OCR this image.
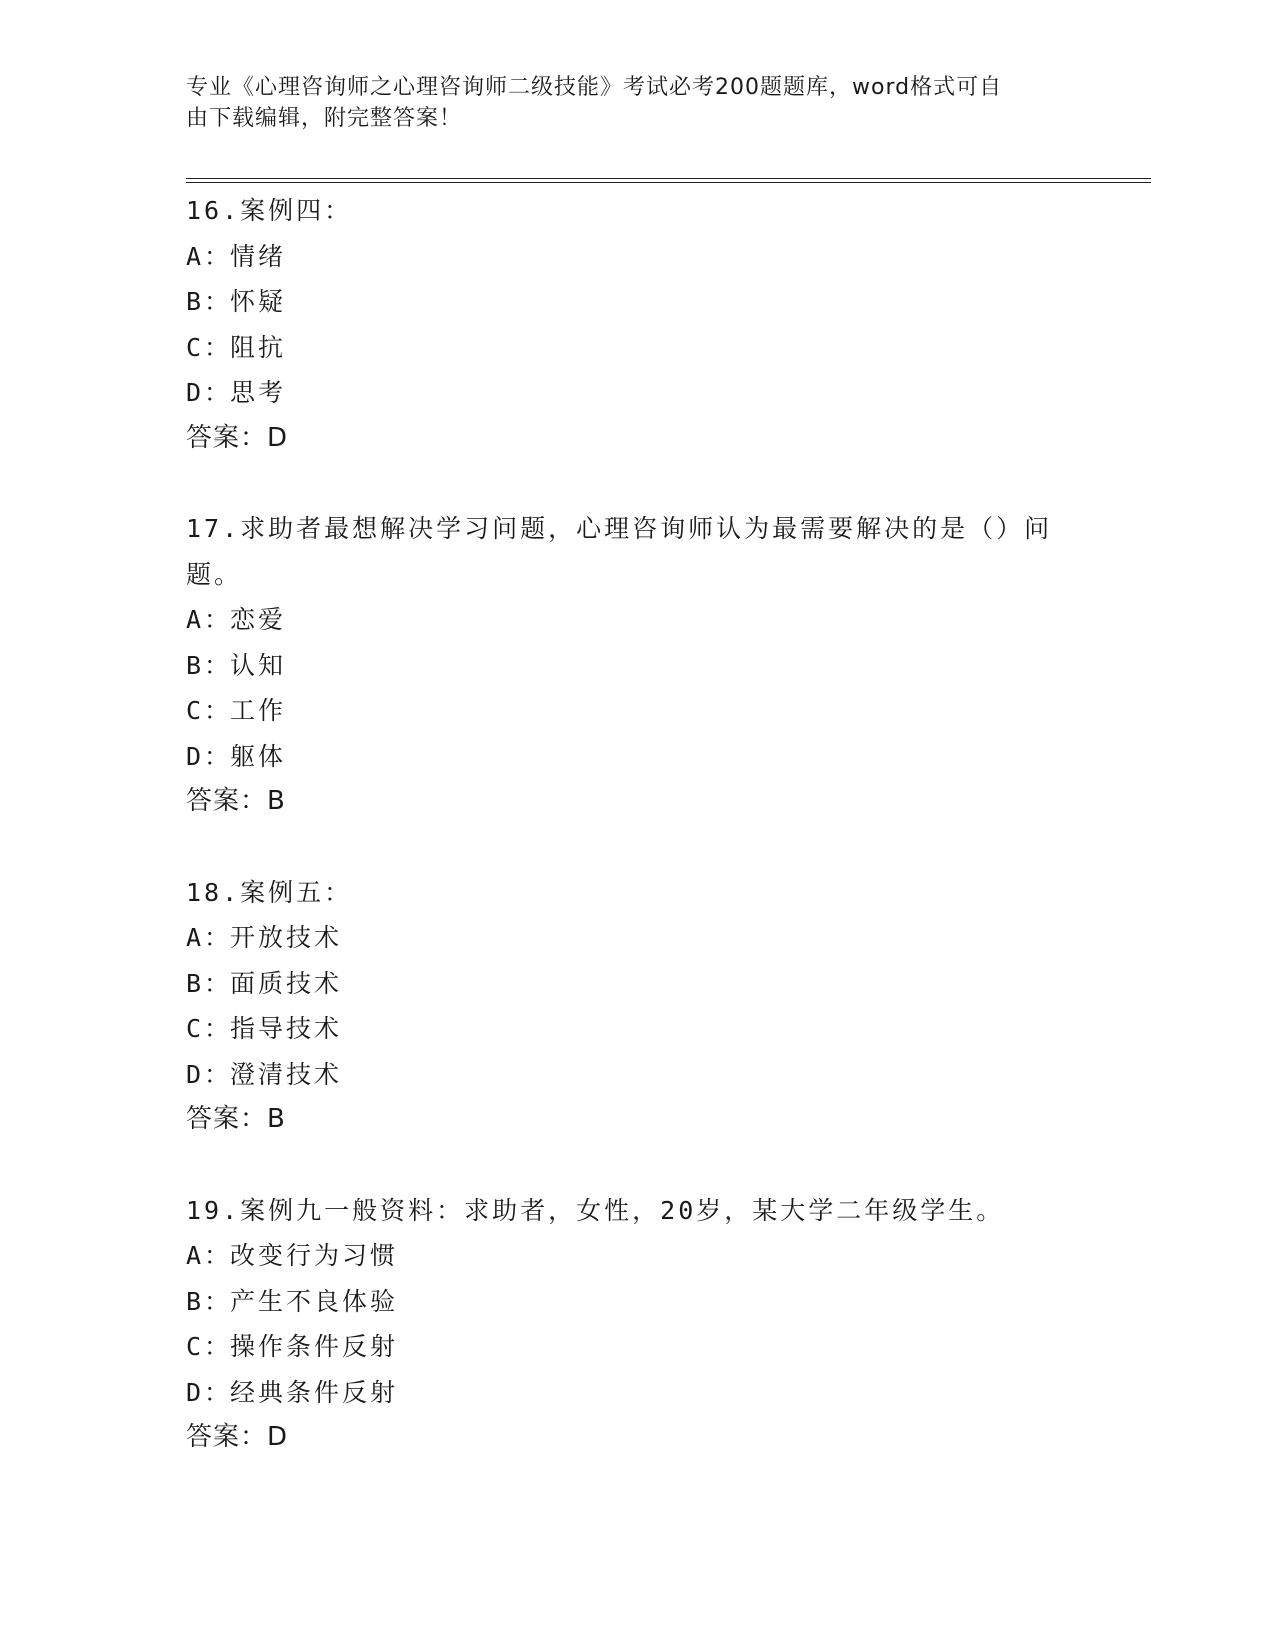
专业《心理咨询师之心理咨询师二级技能》考试必考200题题库，word格式可自
由下载编辑，附完整答案！
16.案例四：
A：情绪
B：怀疑
C：阻抗
D：思考
答案：D
17.求助者最想解决学习问题，心理咨询师认为最需要解决的是（）问题。
A：恋爱
B：认知
C：工作
D：躯体
答案：B
18.案例五：
A：开放技术
B：面质技术
C：指导技术
D：澄清技术
答案：B
19.案例九一般资料：求助者，女性，20岁，某大学二年级学生。
A：改变行为习惯
B：产生不良体验
C：操作条件反射
D：经典条件反射
答案：D
